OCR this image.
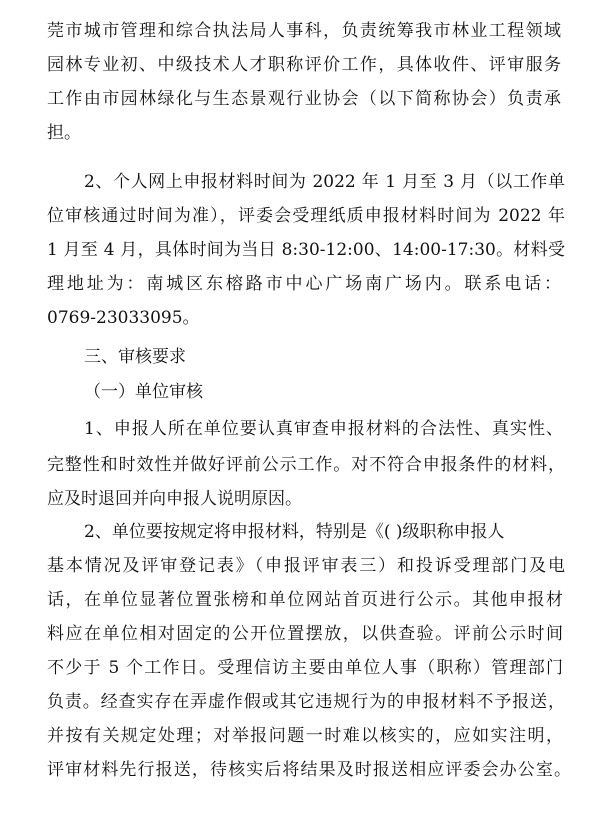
莞市城市管理和综合执法局人事科，负责统筹我市林业工程领域
园林专业初、中级技术人才职称评价工作，具体收件、评审服务
工作由市园林绿化与生态景观行业协会（以下简称协会）负责承
担。
2、个人网上申报材料时间为 2022 年 1 月至 3 月（以工作单
位审核通过时间为准），评委会受理纸质申报材料时间为 2022 年
1 月至 4 月，具体时间为当日 8:30-12:00、14:00-17:30。材料受
理地址为：南城区东榕路市中心广场南广场内。联系电话：
0769-23033095。
三、审核要求
（一）单位审核
1、申报人所在单位要认真审查申报材料的合法性、真实性、
完整性和时效性并做好评前公示工作。对不符合申报条件的材料，
应及时退回并向申报人说明原因。
2、单位要按规定将申报材料，特别是《( )级职称申报人
基本情况及评审登记表》（申报评审表三）和投诉受理部门及电
话，在单位显著位置张榜和单位网站首页进行公示。其他申报材
料应在单位相对固定的公开位置摆放，以供查验。评前公示时间
不少于 5 个工作日。受理信访主要由单位人事（职称）管理部门
负责。经查实存在弄虚作假或其它违规行为的申报材料不予报送，
并按有关规定处理；对举报问题一时难以核实的，应如实注明，
评审材料先行报送，待核实后将结果及时报送相应评委会办公室。
